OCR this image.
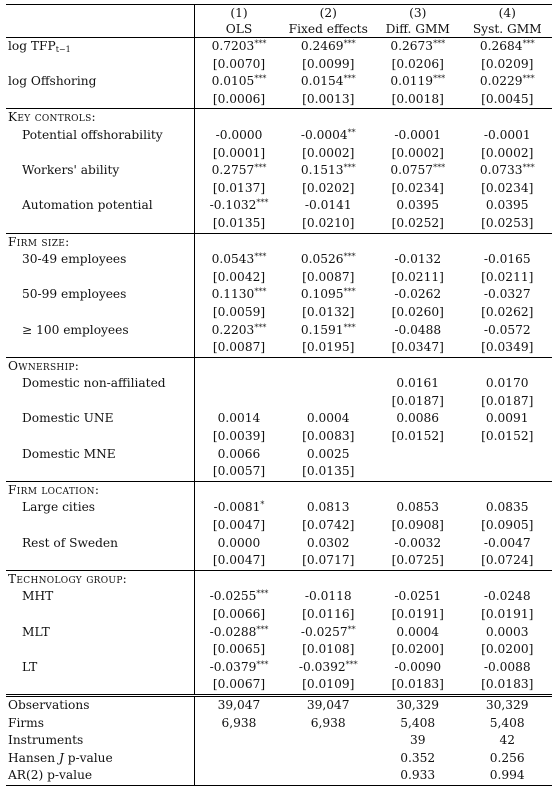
	(1)	(2)	(3)	(4)
	OLS	Fixed effects	Diff. GMM	Syst. GMM
$\log TFP_{t-1}$	0.7203***	0.2469***	0.2673***	0.2684***
	[0.0070]	[0.0099]	[0.0206]	[0.0209]
log Offshoring	0.0105***	0.0154***	0.0119***	0.0229***
	[0.0006]	[0.0013]	[0.0018]	[0.0045]
Key controls:				
Potential offshorability	-0.0000	-0.0004**	-0.0001	-0.0001
	[0.0001]	[0.0002]	[0.0002]	[0.0002]
Workers' ability	0.2757***	0.1513***	0.0757***	0.0733***
	[0.0137]	[0.0202]	[0.0234]	[0.0234]
Automation potential	-0.1032***	-0.0141	0.0395	0.0395
	[0.0135]	[0.0210]	[0.0252]	[0.0253]
Firm size:				
30-49 employees	0.0543***	0.0526***	-0.0132	-0.0165
	[0.0042]	[0.0087]	[0.0211]	[0.0211]
50-99 employees	0.1130***	0.1095***	-0.0262	-0.0327
	[0.0059]	[0.0132]	[0.0260]	[0.0262]
≥ 100 employees	0.2203***	0.1591***	-0.0488	-0.0572
	[0.0087]	[0.0195]	[0.0347]	[0.0349]
Ownership:				
Domestic non-affiliated			0.0161	0.0170
			[0.0187]	[0.0187]
Domestic UNE	0.0014	0.0004	0.0086	0.0091
	[0.0039]	[0.0083]	[0.0152]	[0.0152]
Domestic MNE	0.0066	0.0025		
	[0.0057]	[0.0135]		
Firm location:				
Large cities	-0.0081*	0.0813	0.0853	0.0835
	[0.0047]	[0.0742]	[0.0908]	[0.0905]
Rest of Sweden	0.0000	0.0302	-0.0032	-0.0047
	[0.0047]	[0.0717]	[0.0725]	[0.0724]
Technology group:				
MHT	-0.0255***	-0.0118	-0.0251	-0.0248
	[0.0066]	[0.0116]	[0.0191]	[0.0191]
MLT	-0.0288***	-0.0257**	0.0004	0.0003
	[0.0065]	[0.0108]	[0.0200]	[0.0200]
LT	-0.0379***	-0.0392***	-0.0090	-0.0088
	[0.0067]	[0.0109]	[0.0183]	[0.0183]
Observations	39,047	39,047	30,329	30,329
Firms	6,938	6,938	5,408	5,408
Instruments			39	42
Hansen J p-value			0.352	0.256
AR(2) p-value			0.933	0.994
